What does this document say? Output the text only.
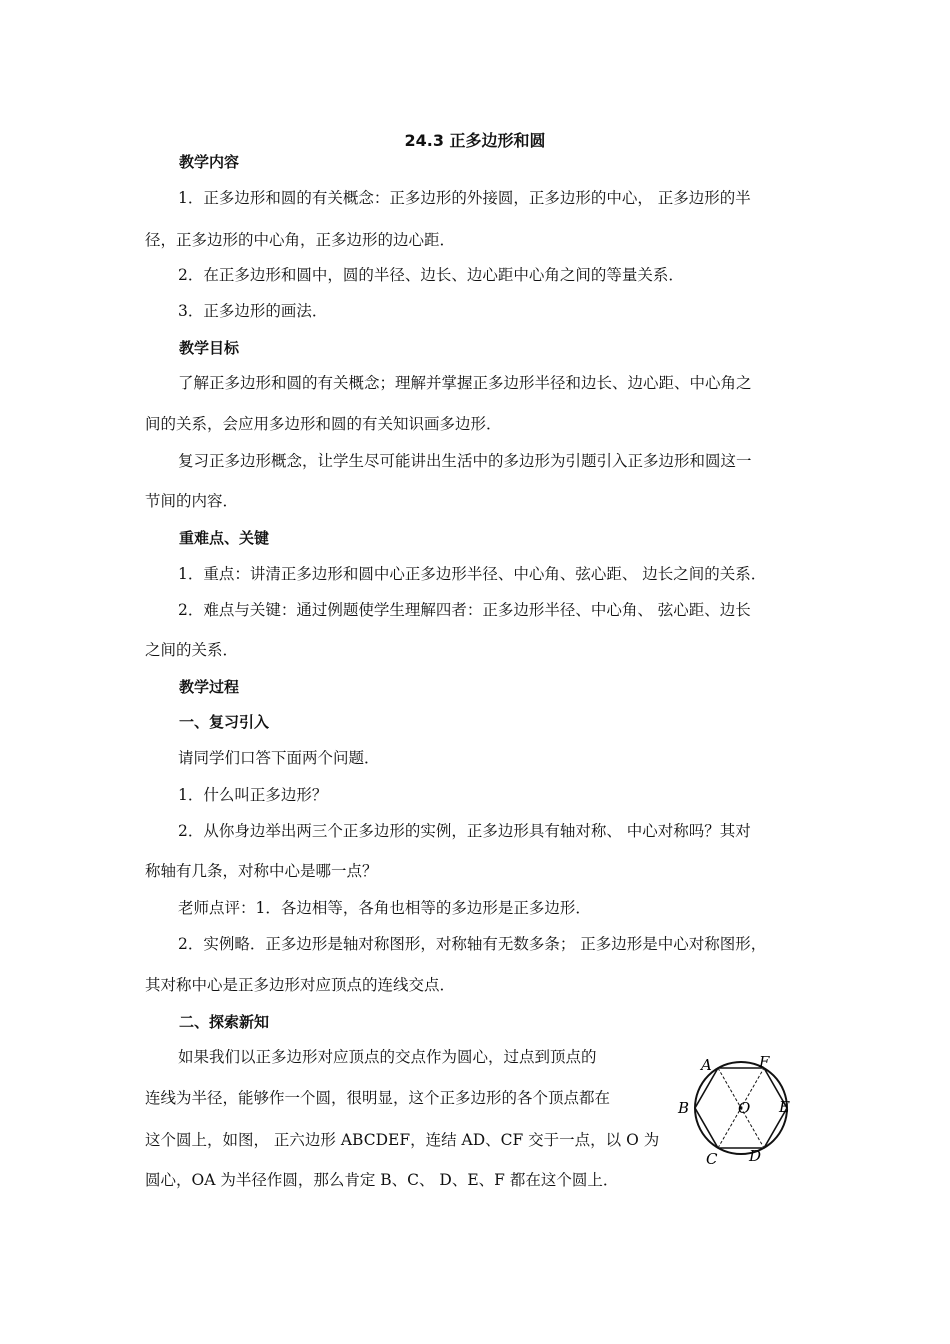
24.3 正多边形和圆
教学内容
1．正多边形和圆的有关概念：正多边形的外接圆，正多边形的中心， 正多边形的半
径，正多边形的中心角，正多边形的边心距．
2．在正多边形和圆中，圆的半径、边长、边心距中心角之间的等量关系．
3．正多边形的画法．
教学目标
了解正多边形和圆的有关概念；理解并掌握正多边形半径和边长、边心距、中心角之
间的关系，会应用多边形和圆的有关知识画多边形．
复习正多边形概念，让学生尽可能讲出生活中的多边形为引题引入正多边形和圆这一
节间的内容．
重难点、关键
1．重点：讲清正多边形和圆中心正多边形半径、中心角、弦心距、 边长之间的关系．
2．难点与关键：通过例题使学生理解四者：正多边形半径、中心角、 弦心距、边长
之间的关系．
教学过程
一、复习引入
请同学们口答下面两个问题．
1．什么叫正多边形？
2．从你身边举出两三个正多边形的实例，正多边形具有轴对称、 中心对称吗？其对
称轴有几条，对称中心是哪一点？
老师点评：1．各边相等，各角也相等的多边形是正多边形．
2．实例略．正多边形是轴对称图形，对称轴有无数多条； 正多边形是中心对称图形，
其对称中心是正多边形对应顶点的连线交点．
二、探索新知
如果我们以正多边形对应顶点的交点作为圆心，过点到顶点的
连线为半径，能够作一个圆，很明显，这个正多边形的各个顶点都在
这个圆上，如图， 正六边形 ABCDEF，连结 AD、CF 交于一点，以 O 为
圆心，OA 为半径作圆，那么肯定 B、C、 D、E、F 都在这个圆上．
A	F
B	E
O
C D
